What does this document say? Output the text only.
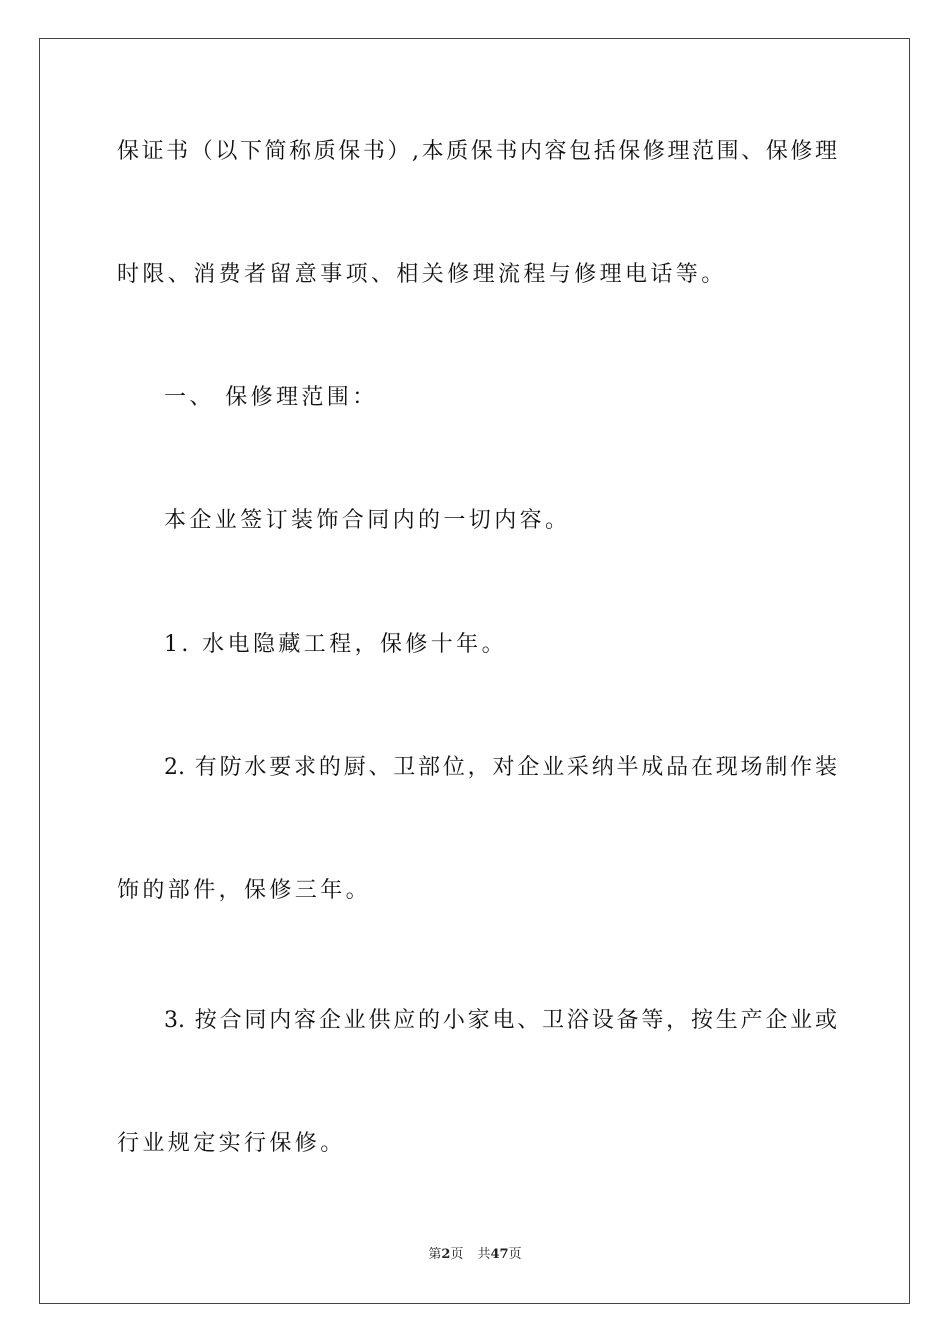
保证书（以下简称质保书）,本质保书内容包括保修理范围、保修理
时限、消费者留意事项、相关修理流程与修理电话等。
一、 保修理范围：
本企业签订装饰合同内的一切内容。
1. 水电隐藏工程，保修十年。
2. 有防水要求的厨、卫部位，对企业采纳半成品在现场制作装
饰的部件，保修三年。
3. 按合同内容企业供应的小家电、卫浴设备等，按生产企业或
行业规定实行保修。
第2页 共47页
